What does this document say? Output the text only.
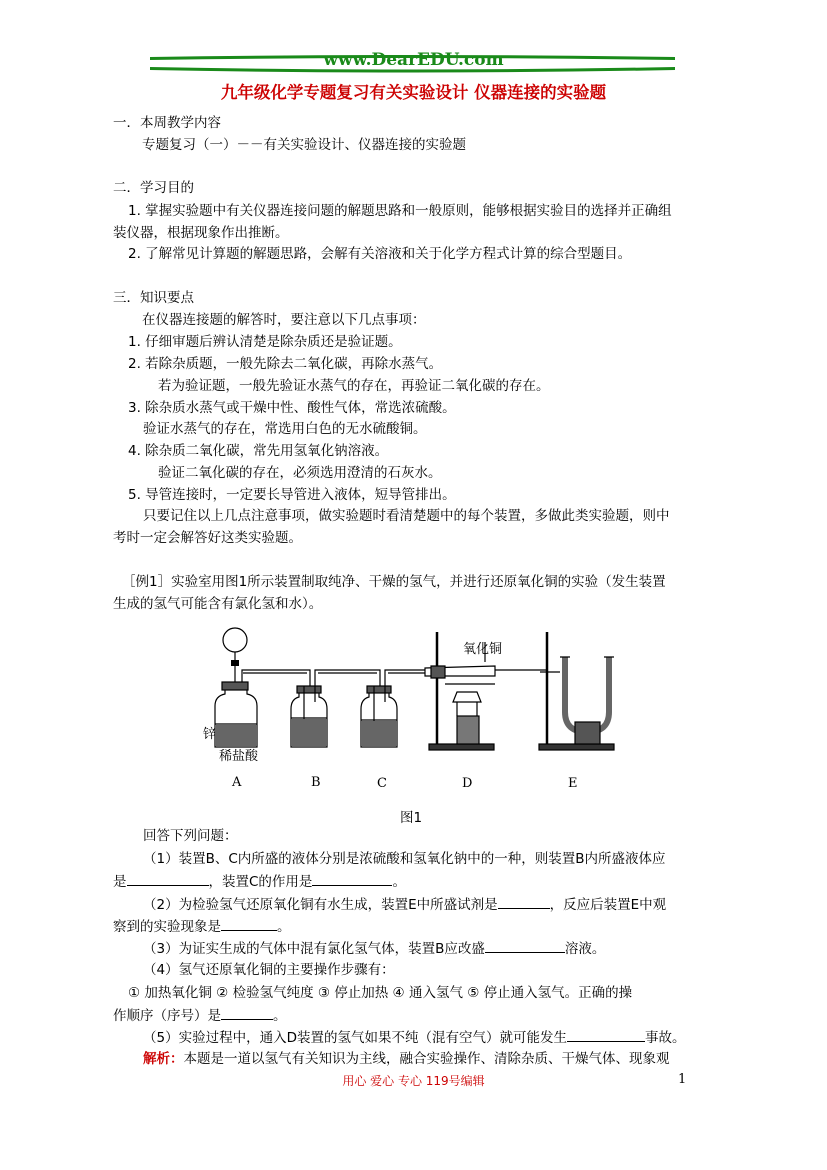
www.DearEDU.com
九年级化学专题复习有关实验设计 仪器连接的实验题
一．本周教学内容
专题复习（一）－－有关实验设计、仪器连接的实验题
二．学习目的
1. 掌握实验题中有关仪器连接问题的解题思路和一般原则，能够根据实验目的选择并正确组
装仪器，根据现象作出推断。
2. 了解常见计算题的解题思路，会解有关溶液和关于化学方程式计算的综合型题目。
三．知识要点
在仪器连接题的解答时，要注意以下几点事项：
1. 仔细审题后辨认清楚是除杂质还是验证题。
2. 若除杂质题，一般先除去二氧化碳，再除水蒸气。
若为验证题，一般先验证水蒸气的存在，再验证二氧化碳的存在。
3. 除杂质水蒸气或干燥中性、酸性气体，常选浓硫酸。
验证水蒸气的存在，常选用白色的无水硫酸铜。
4. 除杂质二氧化碳，常先用氢氧化钠溶液。
验证二氧化碳的存在，必须选用澄清的石灰水。
5. 导管连接时，一定要长导管进入液体，短导管排出。
只要记住以上几点注意事项，做实验题时看清楚题中的每个装置，多做此类实验题，则中
考时一定会解答好这类实验题。
［例1］实验室用图1所示装置制取纯净、干燥的氢气，并进行还原氧化铜的实验（发生装置
生成的氢气可能含有氯化氢和水）。
锌
稀盐酸
氧化铜
A	B	C	D	E
图1
回答下列问题：
（1）装置B、C内所盛的液体分别是浓硫酸和氢氧化钠中的一种，则装置B内所盛液体应
是	，装置C的作用是	。
（2）为检验氢气还原氧化铜有水生成，装置E中所盛试剂是	，反应后装置E中观
察到的实验现象是	。
（3）为证实生成的气体中混有氯化氢气体，装置B应改盛	溶液。
（4）氢气还原氧化铜的主要操作步骤有：
① 加热氧化铜 ② 检验氢气纯度 ③ 停止加热 ④ 通入氢气 ⑤ 停止通入氢气。正确的操
作顺序（序号）是	。
（5）实验过程中，通入D装置的氢气如果不纯（混有空气）就可能发生	事故。
解析：本题是一道以氢气有关知识为主线，融合实验操作、清除杂质、干燥气体、现象观
用心 爱心 专心 119号编辑	1
